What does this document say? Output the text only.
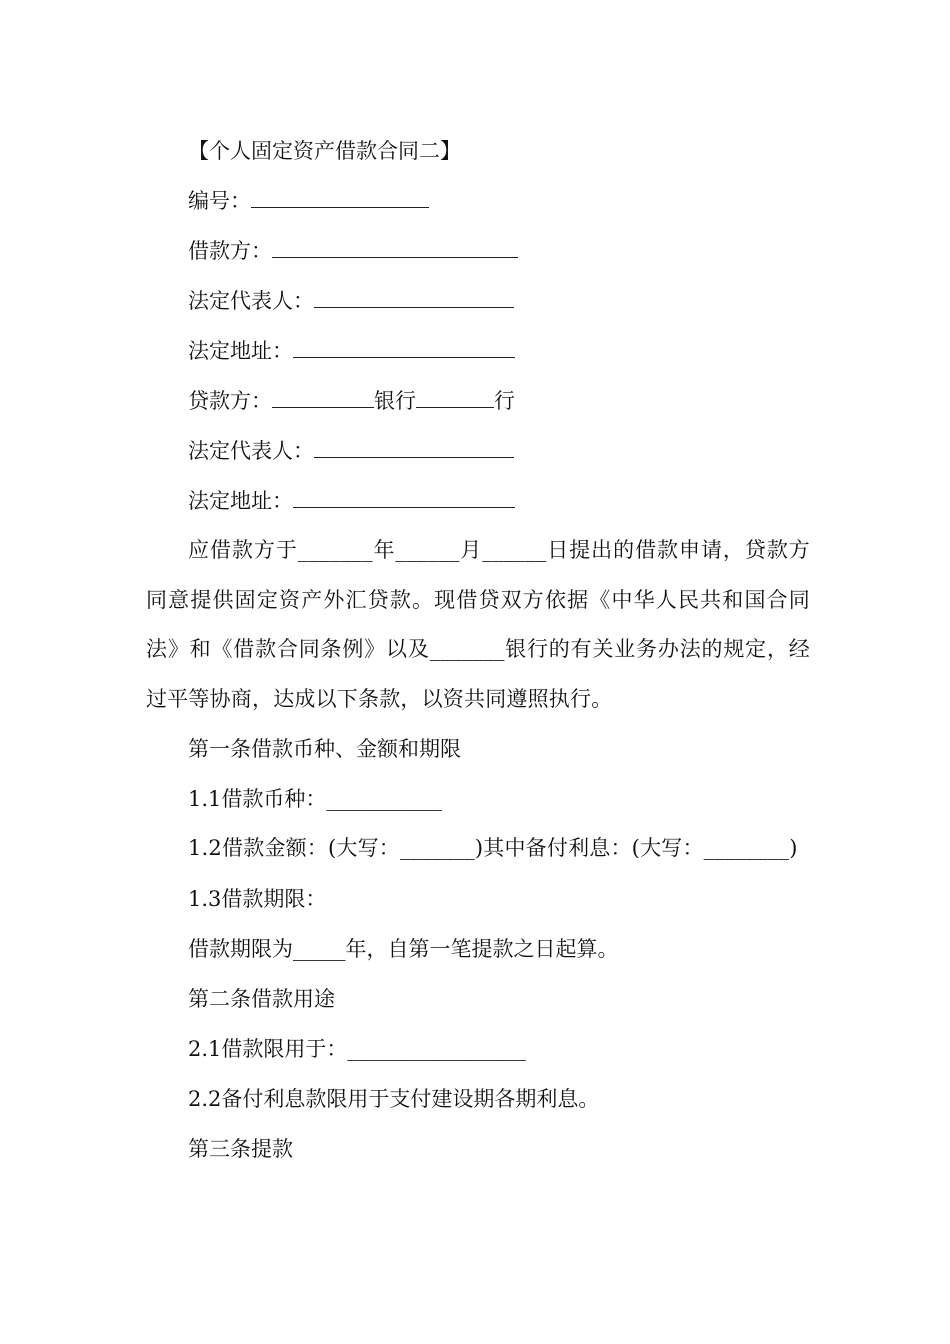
【个人固定资产借款合同二】
编号：
借款方：
法定代表人：
法定地址：
贷款方：	银行	行
法定代表人：
法定地址：

应借款方于_______年______月______日提出的借款申请，贷款方同意提供固定资产外汇贷款。现借贷双方依据《中华人民共和国合同法》和《借款合同条例》以及_______银行的有关业务办法的规定，经过平等协商，达成以下条款，以资共同遵照执行。

第一条借款币种、金额和期限
1.1借款币种：___________

1.2借款金额：(大写：_______)其中备付利息：(大写：________)

1.3借款期限：
借款期限为_____年，自第一笔提款之日起算。
第二条借款用途
2.1借款限用于：_________________
2.2备付利息款限用于支付建设期各期利息。
第三条提款
